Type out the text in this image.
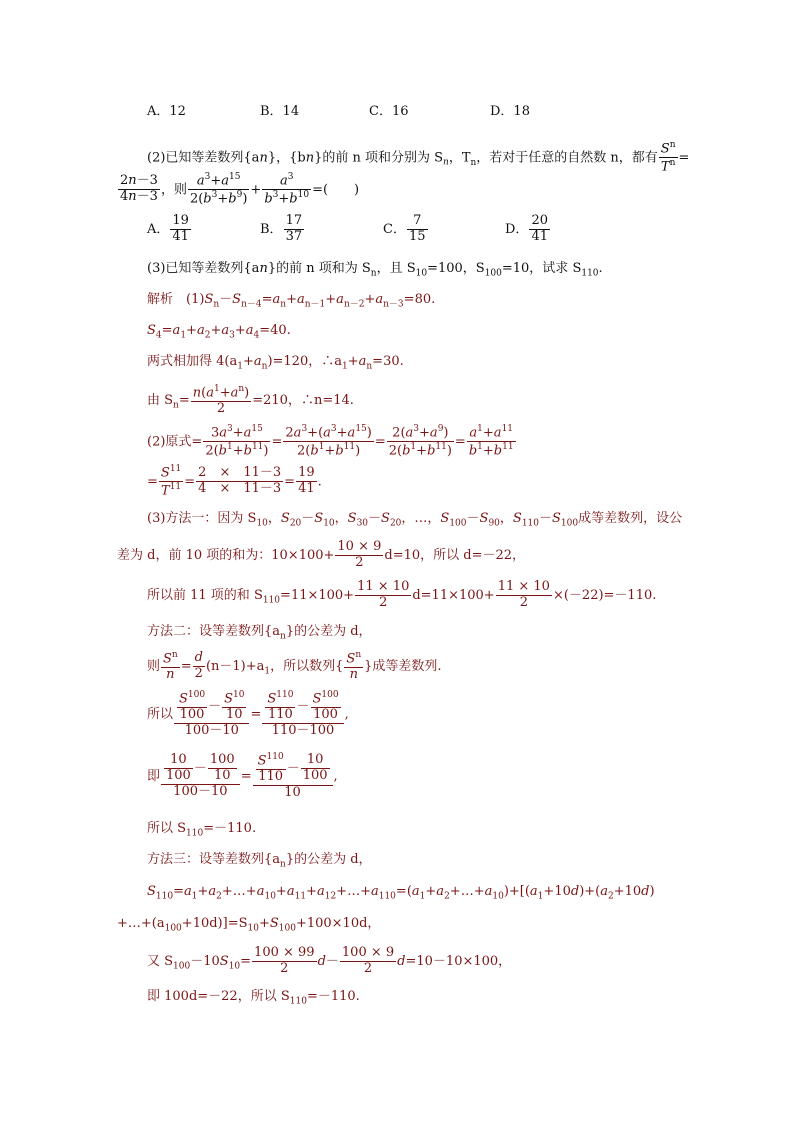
A．12	B．14	C．16	D．18
(2)已知等差数列{an}，{bn}的前 n 项和分别为 $S_n$，$T_n$，若对于任意的自然数 n，都有 $\frac{S^n}{T^n}$ =
$\frac{2n-3}{4n-3}$ ，则 $\frac{a^3+a^{15}}{2(b^3+b^9)} + \frac{a^3}{b^3+b^{10}}$ =(　　)
A． $\frac{19}{41}$	B． $\frac{17}{37}$	C． $\frac{7}{15}$	D． $\frac{20}{41}$
(3)已知等差数列{an}的前 n 项和为 $S_n$，且 $S_{10}=100$，$S_{100}=10$，试求 $S_{110}$.
解析　$(1)S_n-S_{n-4}=a_n+a_{n-1}+a_{n-2}+a_{n-3}=80$.
$S_4=a_1+a_2+a_3+a_4=40$.
两式相加得 $4(a_1+a_n)=120$，$\therefore a_1+a_n=30$.
由 $S_n= \frac{n(a^1+a^n)}{2} =210$，∴n=14.
(2)原式= $\frac{3a^3+a^{15}}{2(b^1+b^{11})} = \frac{2a^3+(a^3+a^{15})}{2(b^1+b^{11})} = \frac{2(a^3+a^9)}{2(b^1+b^{11})} = \frac{a^1+a^{11}}{b^1+b^{11}}$
= $\frac{S^{11}}{T^{11}} = \frac{2 \times 11-3}{4 \times 11-3} = \frac{19}{41}$ .
(3)方法一：因为 $S_{10}$，$S_{20}-S_{10}$，$S_{30}-S_{20}$，…，$S_{100}-S_{90}$，$S_{110}-S_{100}$成等差数列，设公
差为 d，前 10 项的和为：$10\times 100+ \frac{10 \times 9}{2} d=10$，所以 d=－22，
所以前 11 项的和 $S_{110}=11\times 100+ \frac{11 \times 10}{2} d=11\times 100+ \frac{11 \times 10}{2} \times(-22)=-110$.
方法二：设等差数列$\{a_n\}$的公差为 d，
则 $\frac{S^n}{n} = \frac{d}{2} (n-1)+a_1$，所以数列{ $\frac{S^n}{n}$ }成等差数列.
所以 $\frac{\frac{S^{100}}{100} - \frac{S^{10}}{10}}{100-10} = \frac{\frac{S^{110}}{110} - \frac{S^{100}}{100}}{110-100}$ ,
即 $\frac{\frac{10}{100} - \frac{100}{10}}{100-10} = \frac{\frac{S^{110}}{110} - \frac{10}{100}}{10}$ ,
所以 $S_{110}=-110$.
方法三：设等差数列$\{a_n\}$的公差为 d，
$S_{110}=a_1+a_2+\dots+a_{10}+a_{11}+a_{12}+\dots+a_{110}=(a_1+a_2+\dots+a_{10})+[(a_1+10d)+(a_2+10d)$
$+\dots+(a_{100}+10d)]=S_{10}+S_{100}+100\times 10d$，
又 $S_{100}-10S_{10}= \frac{100 \times 99}{2} d- \frac{100 \times 9}{2} d=10-10\times 100$，
即 100d=－22，所以 $S_{110}=-110$.
